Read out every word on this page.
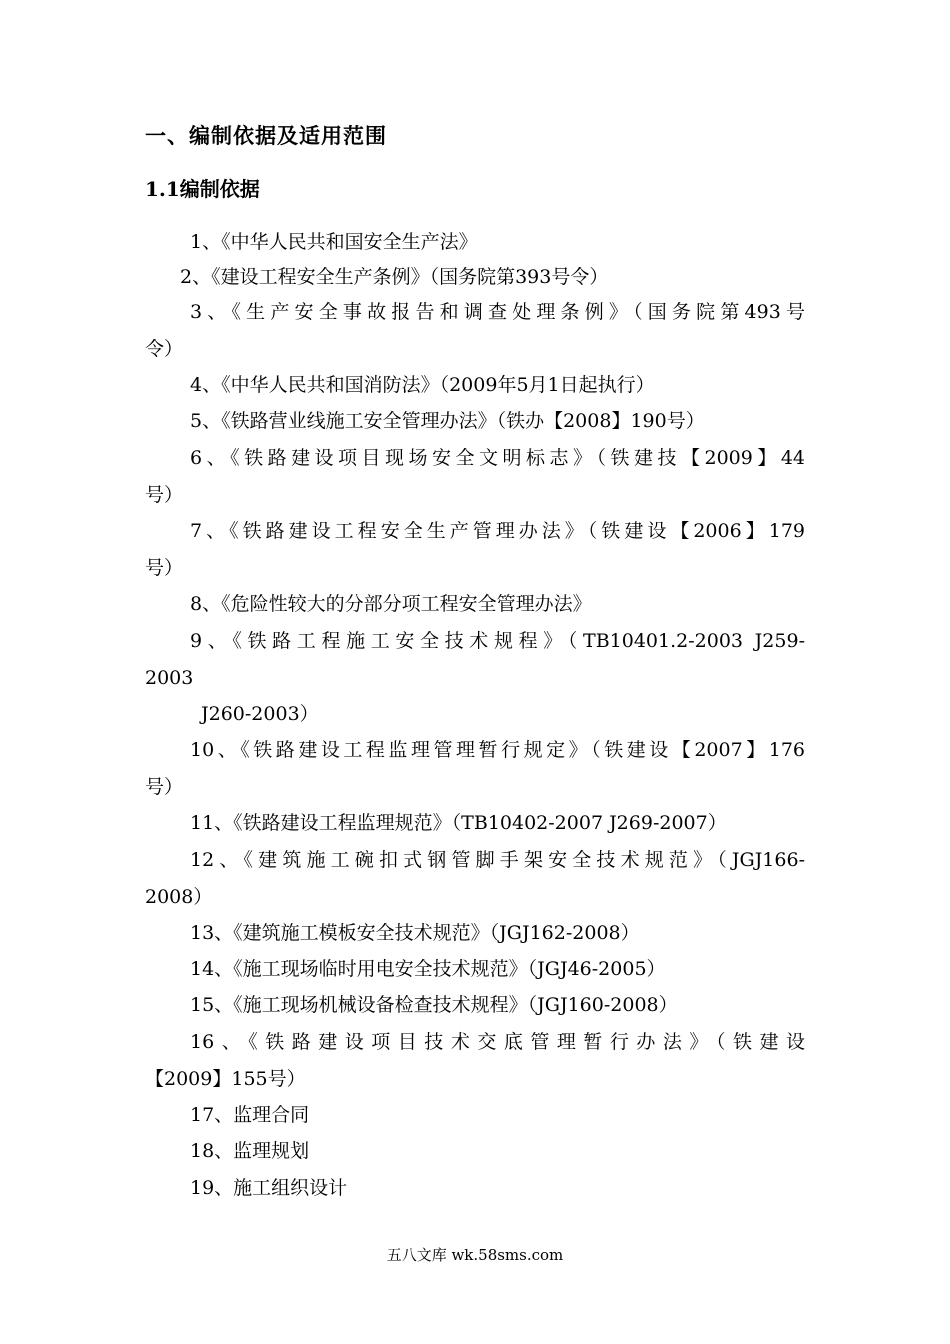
一、编制依据及适用范围
1.1编制依据
1、《中华人民共和国安全生产法》
2、《建设工程安全生产条例》（国务院第393号令）
3、《生产安全事故报告和调查处理条例》（国务院第493号
令）
4、《中华人民共和国消防法》（2009年5月1日起执行）
5、《铁路营业线施工安全管理办法》（铁办【2008】190号）
6、《铁路建设项目现场安全文明标志》（铁建技【2009】44
号）
7、《铁路建设工程安全生产管理办法》（铁建设【2006】179
号）
8、《危险性较大的分部分项工程安全管理办法》
9、《铁路工程施工安全技术规程》（TB10401.2-2003 J259-
2003
J260-2003）
10、《铁路建设工程监理管理暂行规定》（铁建设【2007】176
号）
11、《铁路建设工程监理规范》（TB10402-2007 J269-2007）
12、《建筑施工碗扣式钢管脚手架安全技术规范》（JGJ166-
2008）
13、《建筑施工模板安全技术规范》（JGJ162-2008）
14、《施工现场临时用电安全技术规范》（JGJ46-2005）
15、《施工现场机械设备检查技术规程》（JGJ160-2008）
16、《铁路建设项目技术交底管理暂行办法》（铁建设
【2009】155号）
17、监理合同
18、监理规划
19、施工组织设计
五八文库 wk.58sms.com
